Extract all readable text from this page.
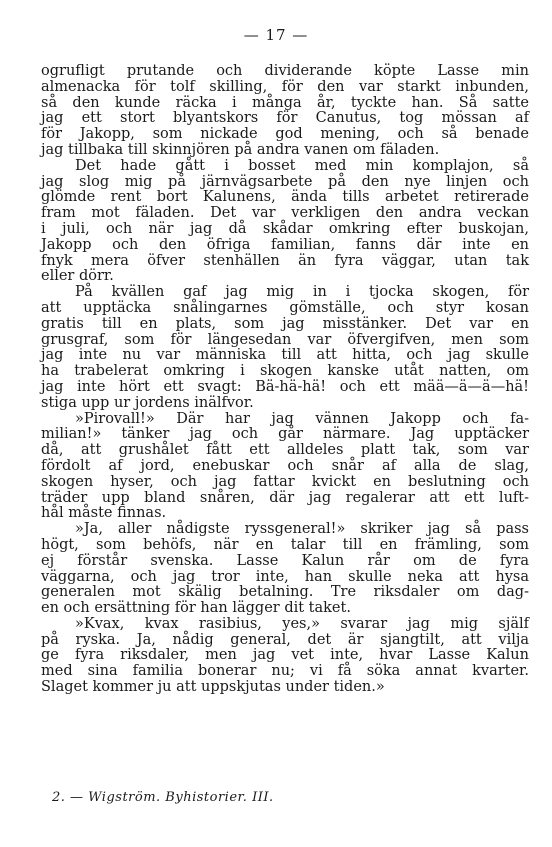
— 17 —
ogrufligt prutande och dividerande köpte Lasse min
almenacka för tolf skilling, för den var starkt inbunden,
så den kunde räcka i många år, tyckte han. Så satte
jag ett stort blyantskors för Canutus, tog mössan af
för Jakopp, som nickade god mening, och så benade
jag tillbaka till skinnjören på andra vanen om fäladen.
Det hade gått i bosset med min komplajon, så
jag slog mig på järnvägsarbete på den nye linjen och
glömde rent bort Kalunens, ända tills arbetet retirerade
fram mot fäladen. Det var verkligen den andra veckan
i juli, och när jag då skådar omkring efter buskojan,
Jakopp och den öfriga familian, fanns där inte en
fnyk mera öfver stenhällen än fyra väggar, utan tak
eller dörr.
På kvällen gaf jag mig in i tjocka skogen, för
att upptäcka snålingarnes gömställe, och styr kosan
gratis till en plats, som jag misstänker. Det var en
grusgraf, som för längesedan var öfvergifven, men som
jag inte nu var människa till att hitta, och jag skulle
ha trabelerat omkring i skogen kanske utåt natten, om
jag inte hört ett svagt: Bä-hä-hä! och ett mää—ä—ä—hä!
stiga upp ur jordens inälfvor.
»Pirovall!» Där har jag vännen Jakopp och fa-
milian!» tänker jag och går närmare. Jag upptäcker
då, att grushålet fått ett alldeles platt tak, som var
fördolt af jord, enebuskar och snår af alla de slag,
skogen hyser, och jag fattar kvickt en beslutning och
träder upp bland snåren, där jag regalerar att ett luft-
hål måste finnas.
»Ja, aller nådigste ryssgeneral!» skriker jag så pass
högt, som behöfs, när en talar till en främling, som
ej förstår svenska. Lasse Kalun rår om de fyra
väggarna, och jag tror inte, han skulle neka att hysa
generalen mot skälig betalning. Tre riksdaler om dag-
en och ersättning för han lägger dit taket.
»Kvax, kvax rasibius, yes,» svarar jag mig själf
på ryska. Ja, nådig general, det är sjangtilt, att vilja
ge fyra riksdaler, men jag vet inte, hvar Lasse Kalun
med sina familia bonerar nu; vi få söka annat kvarter.
Slaget kommer ju att uppskjutas under tiden.»
2. — Wigström. Byhistorier. III.
